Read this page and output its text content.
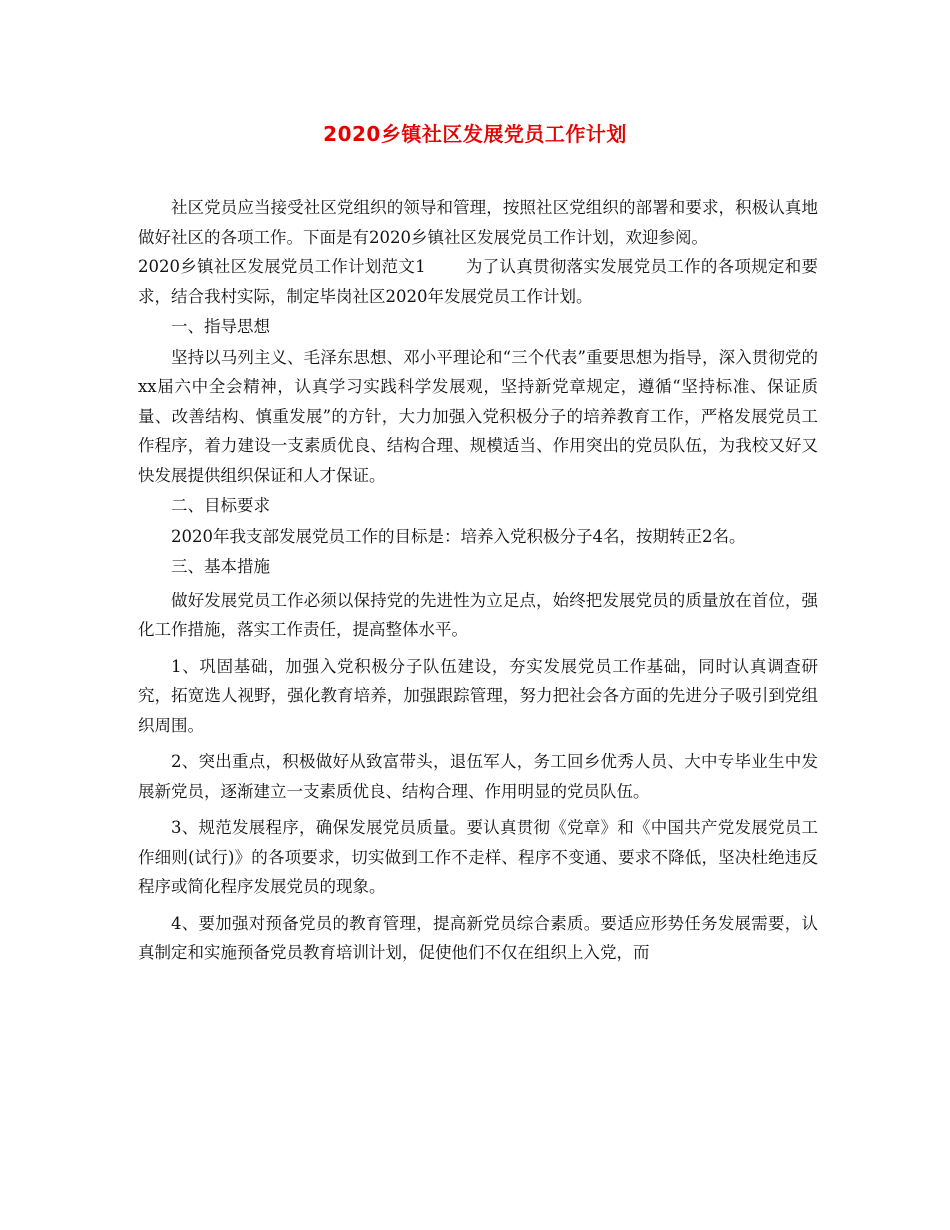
2020乡镇社区发展党员工作计划

社区党员应当接受社区党组织的领导和管理，按照社区党组织的部署和要求，积极认真地做好社区的各项工作。下面是有2020乡镇社区发展党员工作计划，欢迎参阅。

2020乡镇社区发展党员工作计划范文1 为了认真贯彻落实发展党员工作的各项规定和要求，结合我村实际，制定毕岗社区2020年发展党员工作计划。

一、指导思想

坚持以马列主义、毛泽东思想、邓小平理论和“三个代表”重要思想为指导，深入贯彻党的xx届六中全会精神，认真学习实践科学发展观，坚持新党章规定，遵循“坚持标准、保证质量、改善结构、慎重发展”的方针，大力加强入党积极分子的培养教育工作，严格发展党员工作程序，着力建设一支素质优良、结构合理、规模适当、作用突出的党员队伍，为我校又好又快发展提供组织保证和人才保证。

二、目标要求

2020年我支部发展党员工作的目标是：培养入党积极分子4名，按期转正2名。

三、基本措施

做好发展党员工作必须以保持党的先进性为立足点，始终把发展党员的质量放在首位，强化工作措施，落实工作责任，提高整体水平。

1、巩固基础，加强入党积极分子队伍建设，夯实发展党员工作基础，同时认真调查研究，拓宽选人视野，强化教育培养，加强跟踪管理，努力把社会各方面的先进分子吸引到党组织周围。

2、突出重点，积极做好从致富带头，退伍军人，务工回乡优秀人员、大中专毕业生中发展新党员，逐渐建立一支素质优良、结构合理、作用明显的党员队伍。

3、规范发展程序，确保发展党员质量。要认真贯彻《党章》和《中国共产党发展党员工作细则(试行)》的各项要求，切实做到工作不走样、程序不变通、要求不降低，坚决杜绝违反程序或简化程序发展党员的现象。

4、要加强对预备党员的教育管理，提高新党员综合素质。要适应形势任务发展需要，认真制定和实施预备党员教育培训计划，促使他们不仅在组织上入党，而
